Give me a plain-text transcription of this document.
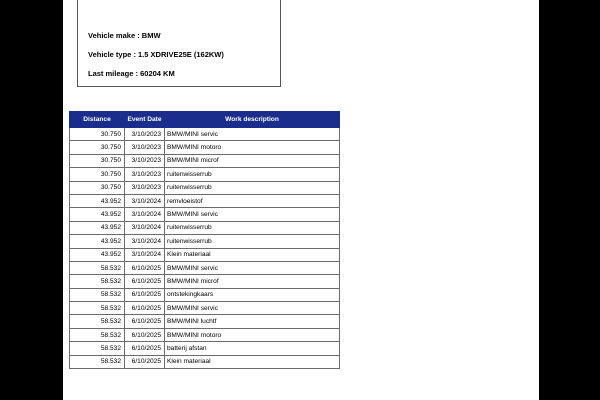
Vehicle make : BMW
Vehicle type : 1.5 XDRIVE25E (162KW)
Last mileage : 60204 KM
Distance	Event Date	Work description
30.750	3/10/2023	BMW/MINI servic
30.750	3/10/2023	BMW/MINI motoro
30.750	3/10/2023	BMW/MINI microf
30.750	3/10/2023	ruitenwisserrub
30.750	3/10/2023	ruitenwisserrub
43.952	3/10/2024	remvloeistof
43.952	3/10/2024	BMW/MINI servic
43.952	3/10/2024	ruitenwisserrub
43.952	3/10/2024	ruitenwisserrub
43.952	3/10/2024	Klein materiaal
58.532	6/10/2025	BMW/MINI servic
58.532	6/10/2025	BMW/MINI microf
58.532	6/10/2025	ontstekingkaars
58.532	6/10/2025	BMW/MINI servic
58.532	6/10/2025	BMW/MINI luchtf
58.532	6/10/2025	BMW/MINI motoro
58.532	6/10/2025	batterij afstan
58.532	6/10/2025	Klein materiaal
